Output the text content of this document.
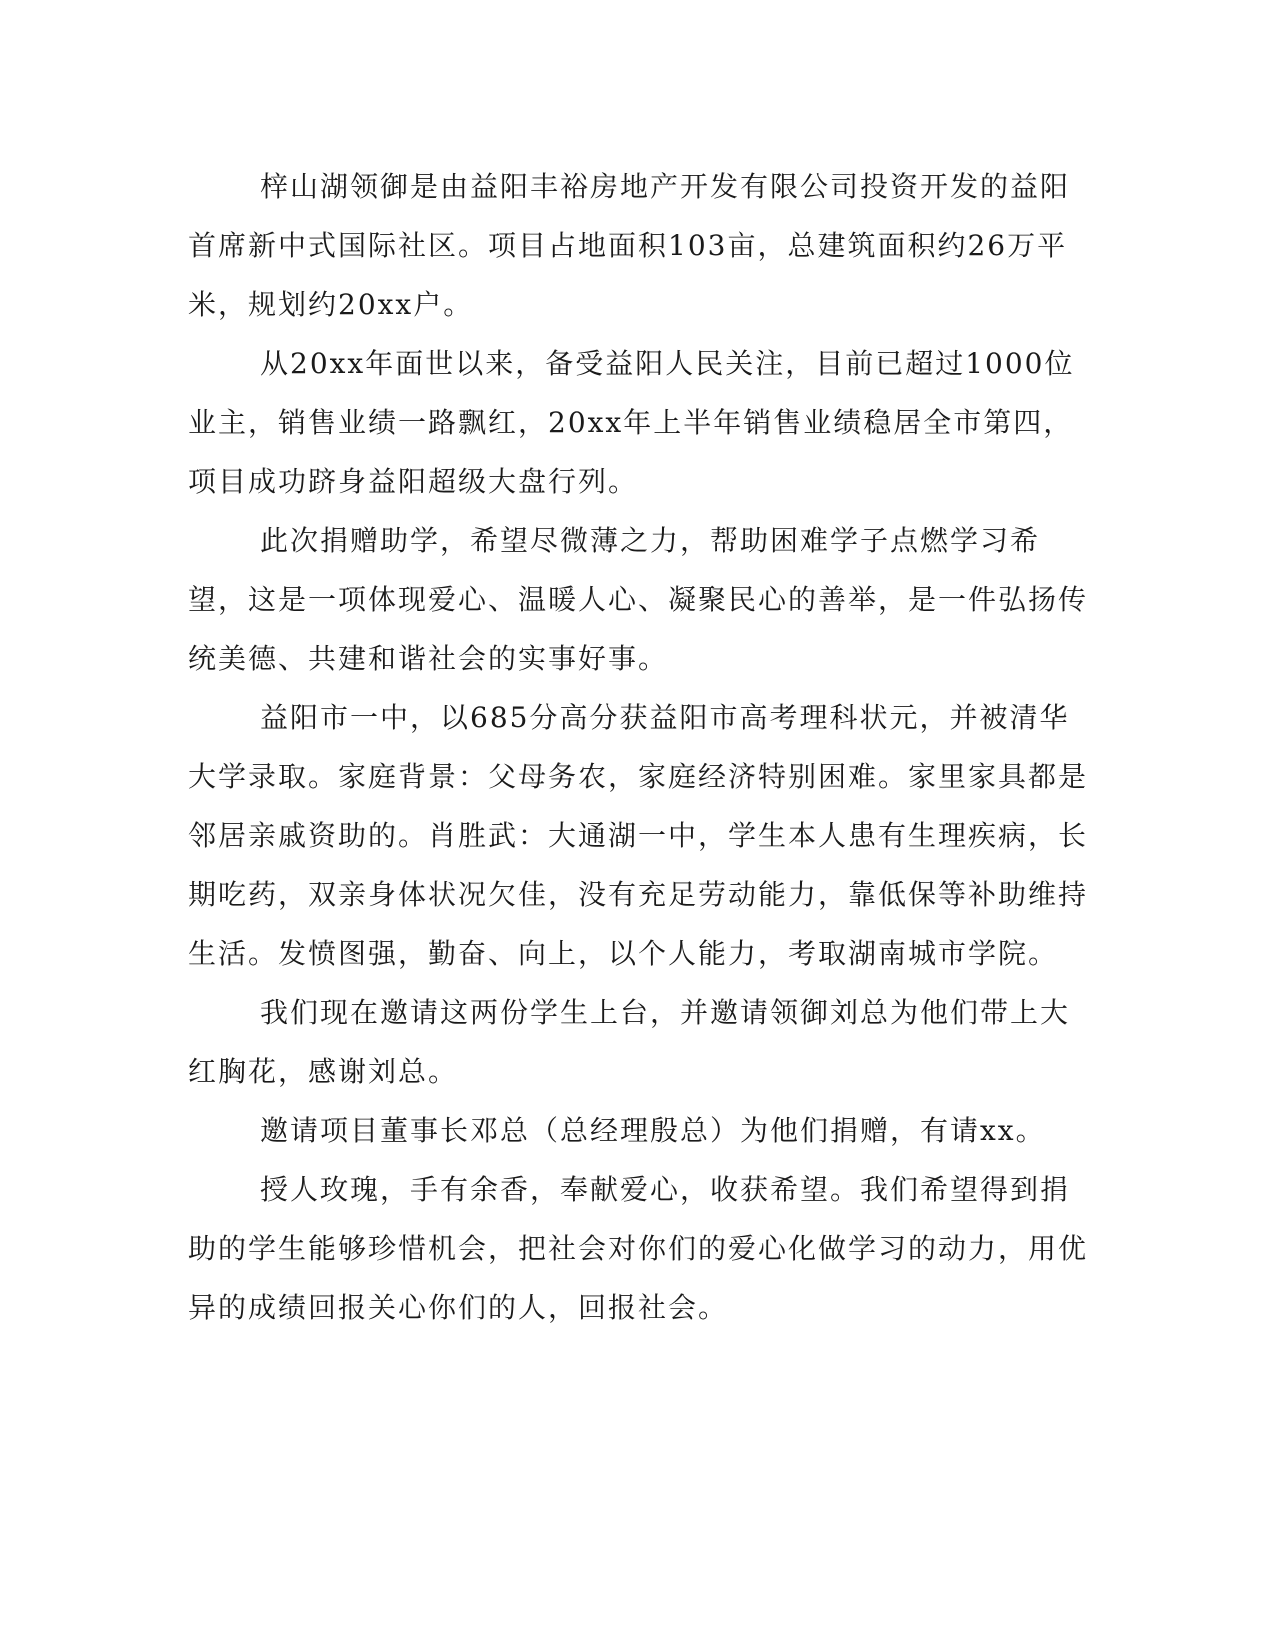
梓山湖领御是由益阳丰裕房地产开发有限公司投资开发的益阳首席新中式国际社区。项目占地面积103亩，总建筑面积约26万平米，规划约20xx户。

从20xx年面世以来，备受益阳人民关注，目前已超过1000位业主，销售业绩一路飘红，20xx年上半年销售业绩稳居全市第四，项目成功跻身益阳超级大盘行列。

此次捐赠助学，希望尽微薄之力，帮助困难学子点燃学习希望，这是一项体现爱心、温暖人心、凝聚民心的善举，是一件弘扬传统美德、共建和谐社会的实事好事。

益阳市一中，以685分高分获益阳市高考理科状元，并被清华大学录取。家庭背景：父母务农，家庭经济特别困难。家里家具都是邻居亲戚资助的。肖胜武：大通湖一中，学生本人患有生理疾病，长期吃药，双亲身体状况欠佳，没有充足劳动能力，靠低保等补助维持生活。发愤图强，勤奋、向上，以个人能力，考取湖南城市学院。

我们现在邀请这两份学生上台，并邀请领御刘总为他们带上大红胸花，感谢刘总。

邀请项目董事长邓总（总经理殷总）为他们捐赠，有请xx。

授人玫瑰，手有余香，奉献爱心，收获希望。我们希望得到捐助的学生能够珍惜机会，把社会对你们的爱心化做学习的动力，用优异的成绩回报关心你们的人，回报社会。
